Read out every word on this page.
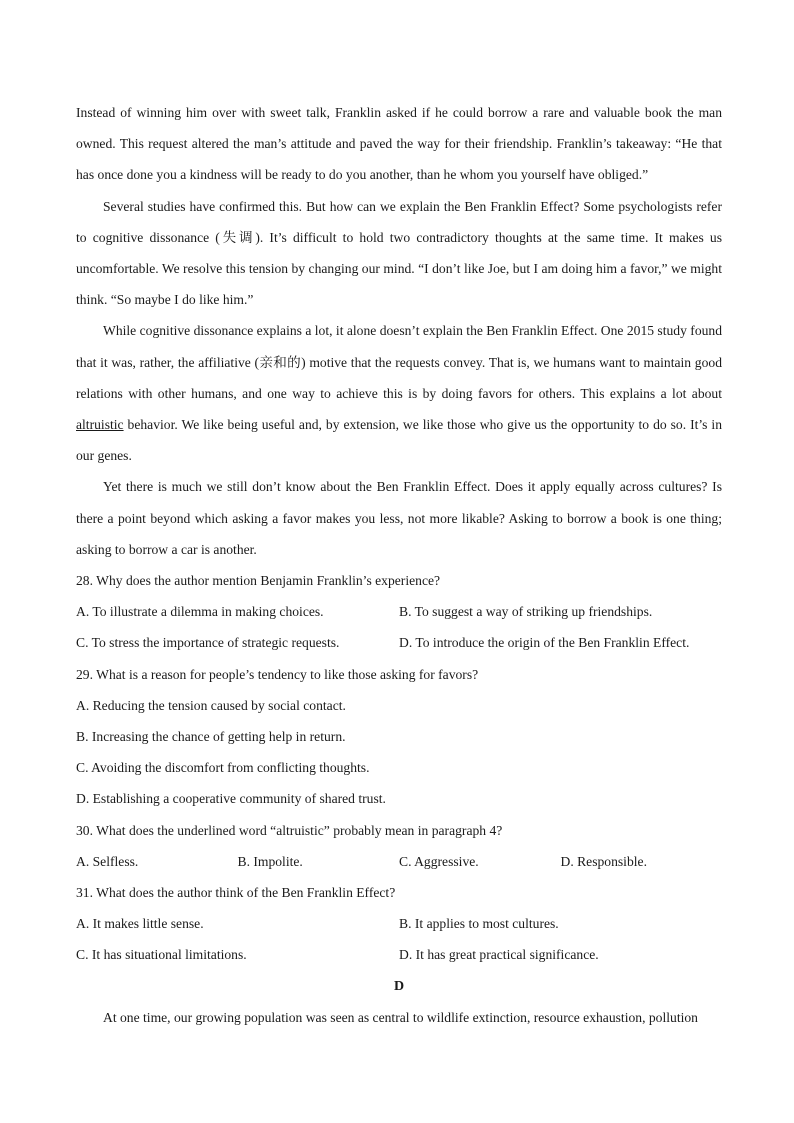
Instead of winning him over with sweet talk, Franklin asked if he could borrow a rare and valuable book the man owned. This request altered the man’s attitude and paved the way for their friendship. Franklin’s takeaway: “He that has once done you a kindness will be ready to do you another, than he whom you yourself have obliged.”

Several studies have confirmed this. But how can we explain the Ben Franklin Effect? Some psychologists refer to cognitive dissonance (失调). It’s difficult to hold two contradictory thoughts at the same time. It makes us uncomfortable. We resolve this tension by changing our mind. “I don’t like Joe, but I am doing him a favor,” we might think. “So maybe I do like him.”

While cognitive dissonance explains a lot, it alone doesn’t explain the Ben Franklin Effect. One 2015 study found that it was, rather, the affiliative (亲和的) motive that the requests convey. That is, we humans want to maintain good relations with other humans, and one way to achieve this is by doing favors for others. This explains a lot about altruistic behavior. We like being useful and, by extension, we like those who give us the opportunity to do so. It’s in our genes.

Yet there is much we still don’t know about the Ben Franklin Effect. Does it apply equally across cultures? Is there a point beyond which asking a favor makes you less, not more likable? Asking to borrow a book is one thing; asking to borrow a car is another.

28. Why does the author mention Benjamin Franklin’s experience?

A. To illustrate a dilemma in making choices.	B. To suggest a way of striking up friendships.
C. To stress the importance of strategic requests.	D. To introduce the origin of the Ben Franklin Effect.

29. What is a reason for people’s tendency to like those asking for favors?

A. Reducing the tension caused by social contact.
B. Increasing the chance of getting help in return.
C. Avoiding the discomfort from conflicting thoughts.
D. Establishing a cooperative community of shared trust.

30. What does the underlined word “altruistic” probably mean in paragraph 4?

A. Selfless.	B. Impolite.	C. Aggressive.	D. Responsible.

31. What does the author think of the Ben Franklin Effect?

A. It makes little sense.	B. It applies to most cultures.
C. It has situational limitations.	D. It has great practical significance.

D

At one time, our growing population was seen as central to wildlife extinction, resource exhaustion, pollution
